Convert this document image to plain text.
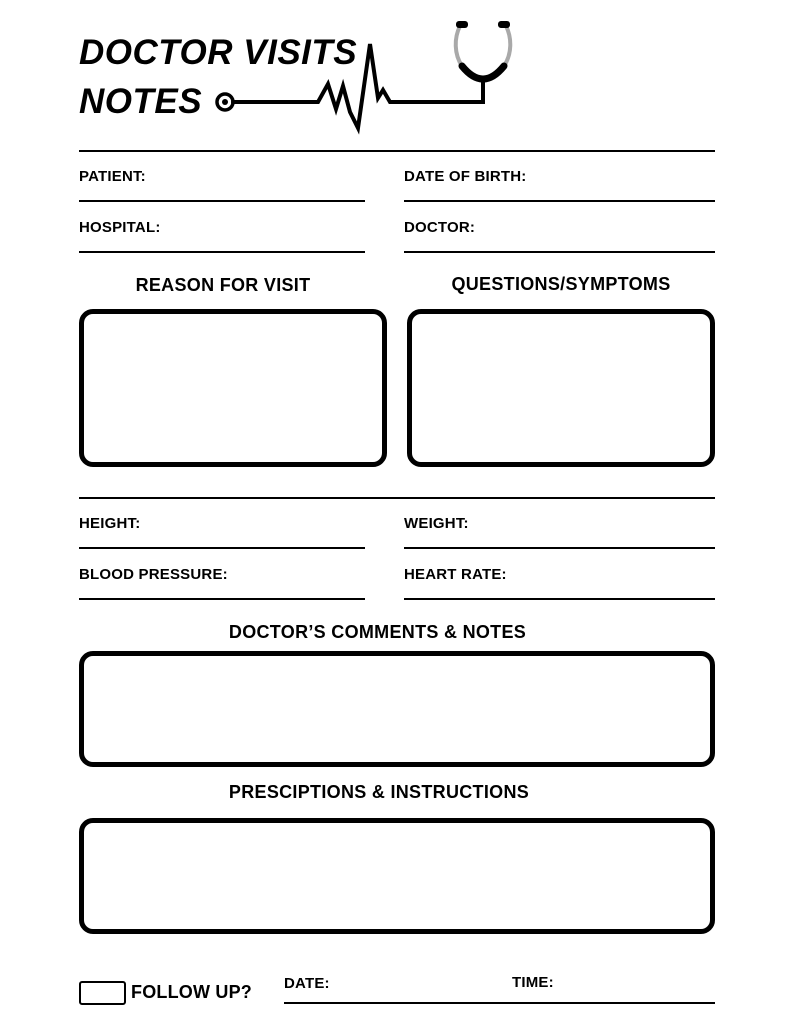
DOCTOR VISITS
NOTES
PATIENT:	DATE OF BIRTH:
HOSPITAL:	DOCTOR:
REASON FOR VISIT	QUESTIONS/SYMPTOMS
HEIGHT:	WEIGHT:
BLOOD PRESSURE:	HEART RATE:
DOCTOR’S COMMENTS & NOTES
PRESCIPTIONS & INSTRUCTIONS
FOLLOW UP? DATE:	TIME:
